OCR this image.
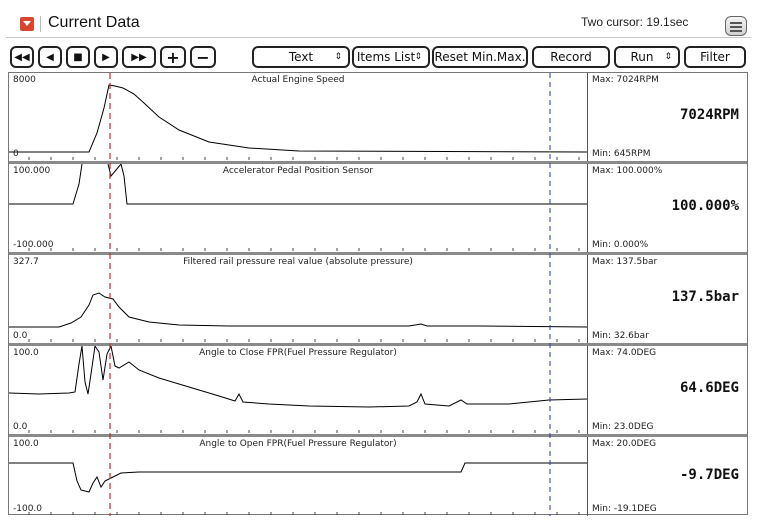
Current Data	Two cursor: 19.1sec
◀◀ ◀ ■ ▶ ▶▶ + −	Text ⇕ Items List ⇕ Reset Min.Max. Record	Run ⇕ Filter
8000
0
Actual Engine Speed	Max: 7024RPM
7024RPM
Min: 645RPM
100.000
-100.000
Accelerator Pedal Position Sensor	Max: 100.000%
100.000%
Min: 0.000%
327.7
0.0
Filtered rail pressure real value (absolute pressure)	Max: 137.5bar
137.5bar
Min: 32.6bar
100.0
0.0
Angle to Close FPR(Fuel Pressure Regulator)	Max: 74.0DEG
64.6DEG
Min: 23.0DEG
100.0
-100.0
Angle to Open FPR(Fuel Pressure Regulator)	Max: 20.0DEG
-9.7DEG
Min: -19.1DEG
